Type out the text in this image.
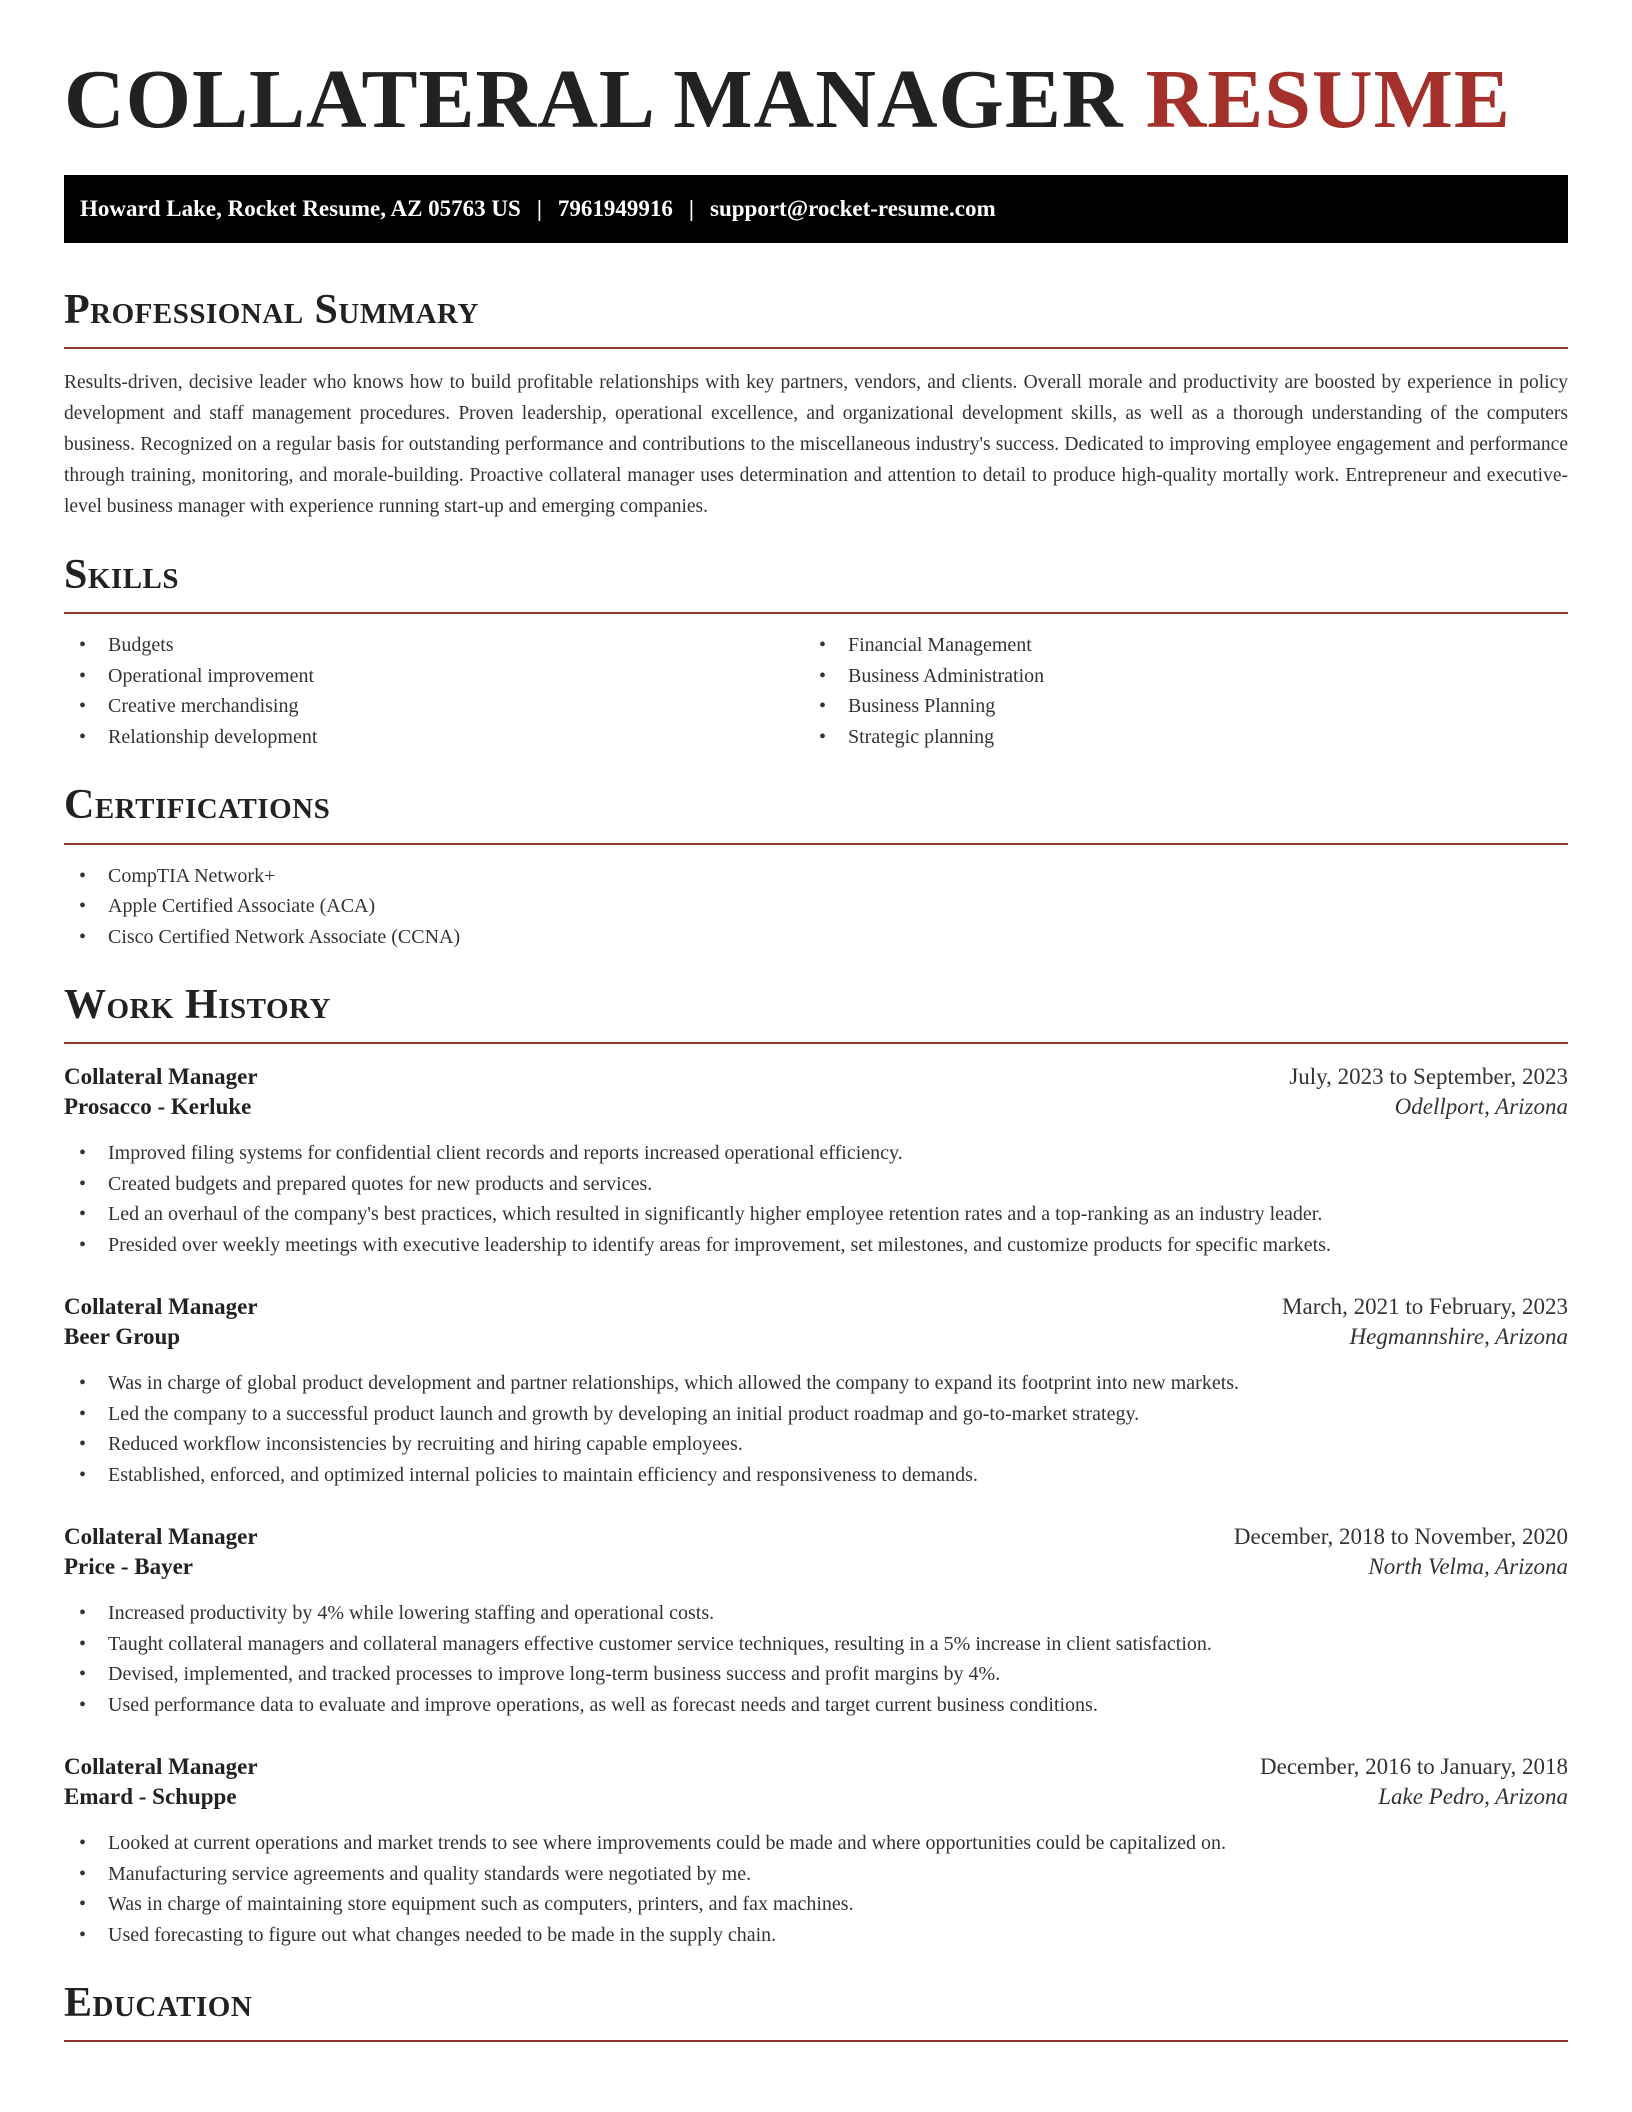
COLLATERAL MANAGER RESUME
Howard Lake, Rocket Resume, AZ 05763 US | 7961949916 | support@rocket-resume.com
Professional Summary

Results-driven, decisive leader who knows how to build profitable relationships with key partners, vendors, and clients. Overall morale and productivity are boosted by experience in policy development and staff management procedures. Proven leadership, operational excellence, and organizational development skills, as well as a thorough understanding of the computers business. Recognized on a regular basis for outstanding performance and contributions to the miscellaneous industry's success. Dedicated to improving employee engagement and performance through training, monitoring, and morale-building. Proactive collateral manager uses determination and attention to detail to produce high-quality mortally work. Entrepreneur and executive-level business manager with experience running start-up and emerging companies.

Skills
• Budgets
• Operational improvement
• Creative merchandising
• Relationship development
• Financial Management
• Business Administration
• Business Planning
• Strategic planning
Certifications
• CompTIA Network+
• Apple Certified Associate (ACA)
• Cisco Certified Network Associate (CCNA)
Work History
Collateral Manager	July, 2023 to September, 2023
Prosacco - Kerluke	Odellport, Arizona
• Improved filing systems for confidential client records and reports increased operational efficiency.
• Created budgets and prepared quotes for new products and services.
• Led an overhaul of the company's best practices, which resulted in significantly higher employee retention rates and a top-ranking as an industry leader.
• Presided over weekly meetings with executive leadership to identify areas for improvement, set milestones, and customize products for specific markets.
Collateral Manager	March, 2021 to February, 2023
Beer Group	Hegmannshire, Arizona
• Was in charge of global product development and partner relationships, which allowed the company to expand its footprint into new markets.
• Led the company to a successful product launch and growth by developing an initial product roadmap and go-to-market strategy.
• Reduced workflow inconsistencies by recruiting and hiring capable employees.
• Established, enforced, and optimized internal policies to maintain efficiency and responsiveness to demands.
Collateral Manager	December, 2018 to November, 2020
Price - Bayer	North Velma, Arizona
• Increased productivity by 4% while lowering staffing and operational costs.
• Taught collateral managers and collateral managers effective customer service techniques, resulting in a 5% increase in client satisfaction.
• Devised, implemented, and tracked processes to improve long-term business success and profit margins by 4%.
• Used performance data to evaluate and improve operations, as well as forecast needs and target current business conditions.
Collateral Manager	December, 2016 to January, 2018
Emard - Schuppe	Lake Pedro, Arizona
• Looked at current operations and market trends to see where improvements could be made and where opportunities could be capitalized on.
• Manufacturing service agreements and quality standards were negotiated by me.
• Was in charge of maintaining store equipment such as computers, printers, and fax machines.
• Used forecasting to figure out what changes needed to be made in the supply chain.
Education
